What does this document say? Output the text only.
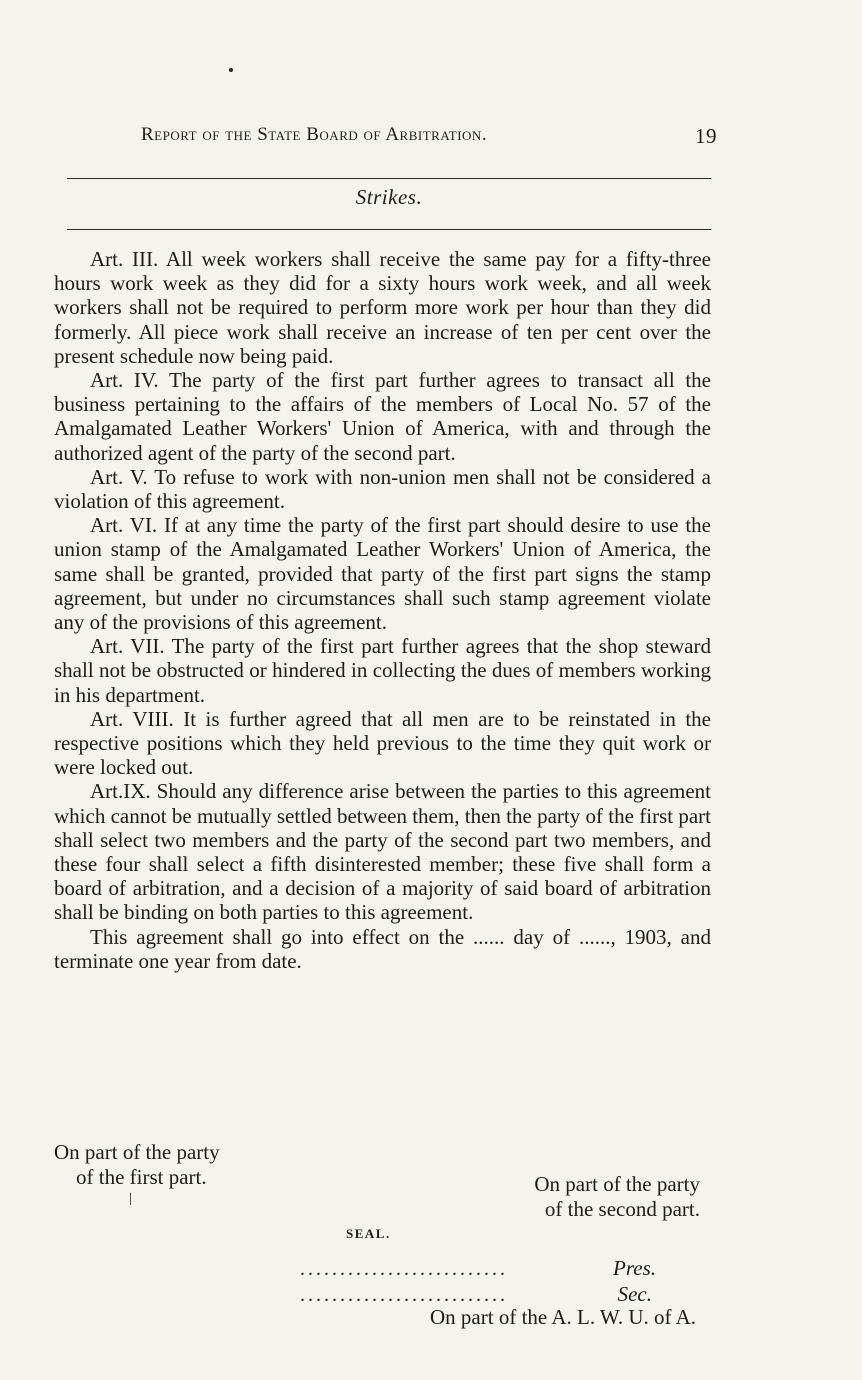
Report of the State Board of Arbitration.	19
Strikes.

Art. III. All week workers shall receive the same pay for a fifty-three hours work week as they did for a sixty hours work week, and all week workers shall not be required to perform more work per hour than they did formerly. All piece work shall receive an increase of ten per cent over the present schedule now being paid.

Art. IV. The party of the first part further agrees to transact all the business pertaining to the affairs of the members of Local No. 57 of the Amalgamated Leather Workers' Union of America, with and through the authorized agent of the party of the second part.

Art. V. To refuse to work with non-union men shall not be considered a violation of this agreement.

Art. VI. If at any time the party of the first part should desire to use the union stamp of the Amalgamated Leather Workers' Union of America, the same shall be granted, provided that party of the first part signs the stamp agreement, but under no circumstances shall such stamp agreement violate any of the provisions of this agreement.

Art. VII. The party of the first part further agrees that the shop steward shall not be obstructed or hindered in collecting the dues of members working in his department.

Art. VIII. It is further agreed that all men are to be reinstated in the respective positions which they held previous to the time they quit work or were locked out.

Art.IX. Should any difference arise between the parties to this agreement which cannot be mutually settled between them, then the party of the first part shall select two members and the party of the second part two members, and these four shall select a fifth disinterested member; these five shall form a board of arbitration, and a decision of a majority of said board of arbitration shall be binding on both parties to this agreement.

This agreement shall go into effect on the ...... day of ......, 1903, and terminate one year from date.

On part of the party
of the first part.	On part of the party
of the second part.
SEAL.
..........................	Pres.
..........................	Sec.
On part of the A. L. W. U. of A.
